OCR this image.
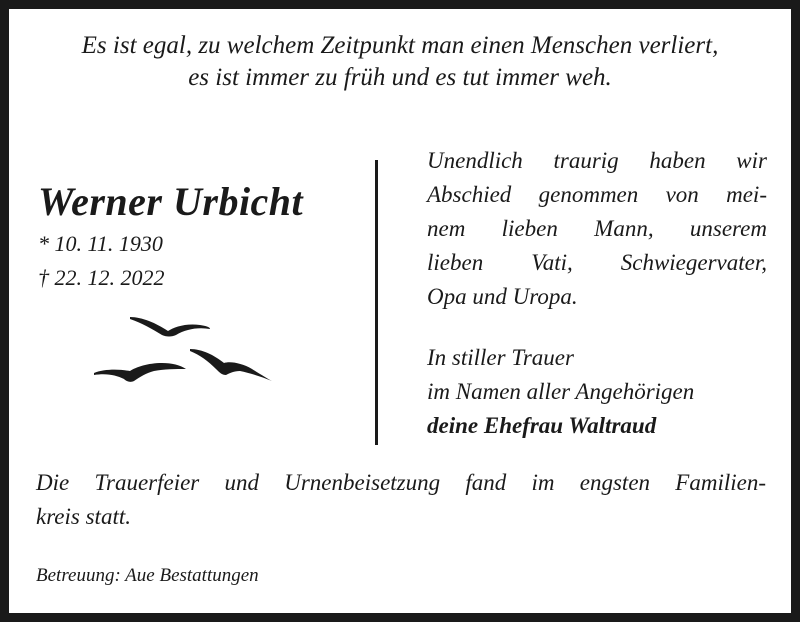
Es ist egal, zu welchem Zeitpunkt man einen Menschen verliert,
es ist immer zu früh und es tut immer weh.
Werner Urbicht
* 10. 11. 1930
† 22. 12. 2022
Unendlich traurig haben wir
Abschied genommen von mei-
nem lieben Mann, unserem
lieben Vati, Schwiegervater,
Opa und Uropa.
In stiller Trauer
im Namen aller Angehörigen
deine Ehefrau Waltraud
Die Trauerfeier und Urnenbeisetzung fand im engsten Familien-
kreis statt.
Betreuung: Aue Bestattungen
